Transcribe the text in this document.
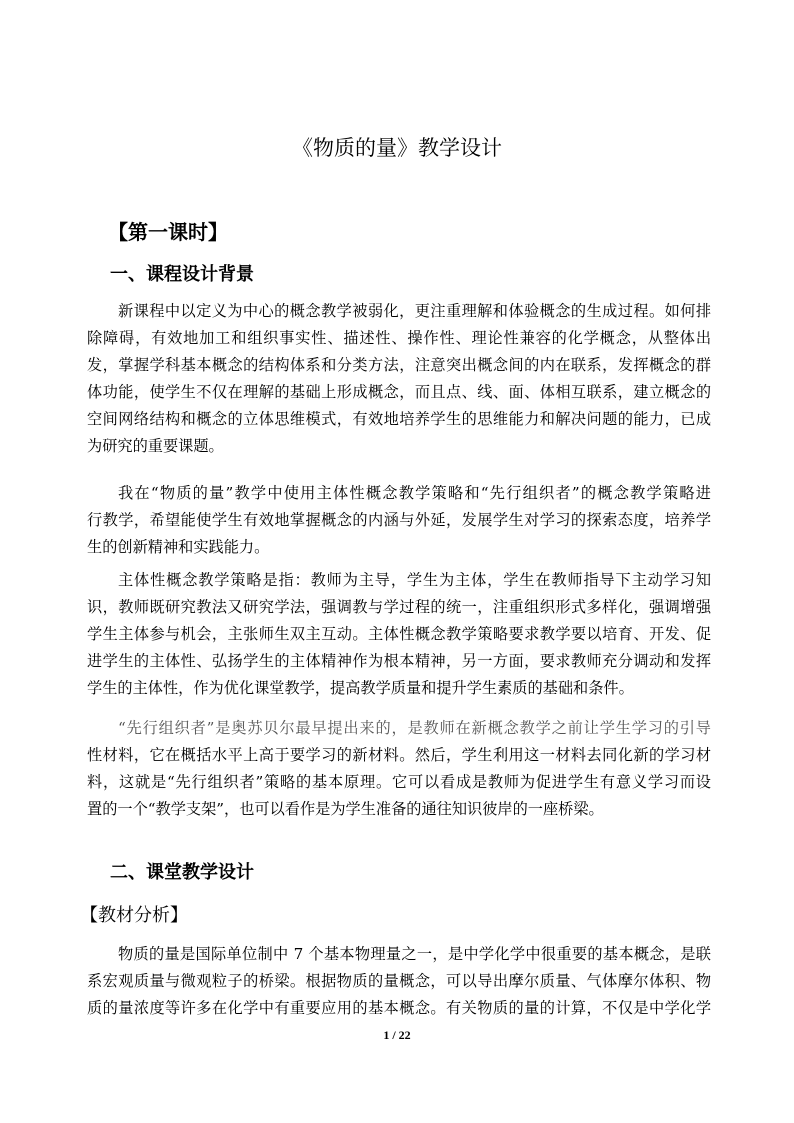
《物质的量》教学设计
【第一课时】
一、课程设计背景
新课程中以定义为中心的概念教学被弱化，更注重理解和体验概念的生成过程。如何排
除障碍，有效地加工和组织事实性、描述性、操作性、理论性兼容的化学概念，从整体出
发，掌握学科基本概念的结构体系和分类方法，注意突出概念间的内在联系，发挥概念的群
体功能，使学生不仅在理解的基础上形成概念，而且点、线、面、体相互联系，建立概念的
空间网络结构和概念的立体思维模式，有效地培养学生的思维能力和解决问题的能力，已成
为研究的重要课题。
我在“物质的量”教学中使用主体性概念教学策略和“先行组织者”的概念教学策略进
行教学，希望能使学生有效地掌握概念的内涵与外延，发展学生对学习的探索态度，培养学
生的创新精神和实践能力。
主体性概念教学策略是指：教师为主导，学生为主体，学生在教师指导下主动学习知
识，教师既研究教法又研究学法，强调教与学过程的统一，注重组织形式多样化，强调增强
学生主体参与机会，主张师生双主互动。主体性概念教学策略要求教学要以培育、开发、促
进学生的主体性、弘扬学生的主体精神作为根本精神，另一方面，要求教师充分调动和发挥
学生的主体性，作为优化课堂教学，提高教学质量和提升学生素质的基础和条件。
“先行组织者”是奥苏贝尔最早提出来的，是教师在新概念教学之前让学生学习的引导
性材料，它在概括水平上高于要学习的新材料。然后，学生利用这一材料去同化新的学习材
料，这就是“先行组织者”策略的基本原理。它可以看成是教师为促进学生有意义学习而设
置的一个“教学支架”，也可以看作是为学生准备的通往知识彼岸的一座桥梁。
二、课堂教学设计
【教材分析】
物质的量是国际单位制中 7 个基本物理量之一，是中学化学中很重要的基本概念，是联
系宏观质量与微观粒子的桥梁。根据物质的量概念，可以导出摩尔质量、气体摩尔体积、物
质的量浓度等许多在化学中有重要应用的基本概念。有关物质的量的计算，不仅是中学化学
1 / 22
